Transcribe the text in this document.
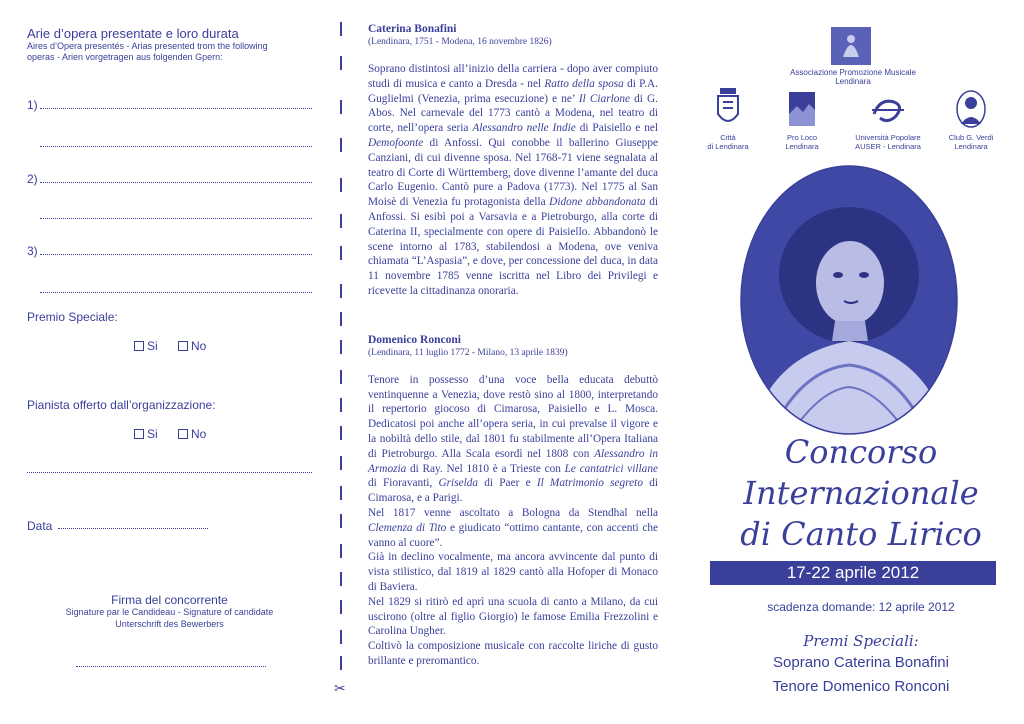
Arie d’opera presentate e loro durata
Aires d’Opera presentés - Arias presented trom the following
operas - Arien vorgetragen aus folgenden Gpern:
1)
2)
3)
Premio Speciale:
Si	No
Pianista offerto dall’organizzazione:
Si	No
Data
Firma del concorrente
Signature par le Candideau - Signature of candidate
Unterschrift des Bewerbers
✂
Caterina Bonafini
(Lendinara, 1751 - Modena, 16 novembre 1826)
Soprano distintosi all’inizio della carriera - dopo aver compiuto studi di musica e canto a Dresda - nel Ratto della sposa di P.A. Guglielmi (Venezia, prima esecuzione) e ne’ Il Ciarlone di G. Abos. Nel carnevale del 1773 cantò a Modena, nel teatro di corte, nell’opera seria Alessandro nelle Indie di Paisiello e nel Demofoonte di Anfossi. Qui conobbe il ballerino Giuseppe Canziani, di cui divenne sposa. Nel 1768-71 viene segnalata al teatro di Corte di Württemberg, dove divenne l’amante del duca Carlo Eugenio. Cantò pure a Padova (1773). Nel 1775 al San Moisè di Venezia fu protagonista della Didone abbandonata di Anfossi. Si esibì poi a Varsavia e a Pietroburgo, alla corte di Caterina II, specialmente con opere di Paisiello. Abbandonò le scene intorno al 1783, stabilendosi a Modena, ove veniva chiamata “L’Aspasia”, e dove, per concessione del duca, in data 11 novembre 1785 venne iscritta nel Libro dei Privilegi e ricevette la cittadinanza onoraria.
Domenico Ronconi
(Lendinara, 11 luglio 1772 - Milano, 13 aprile 1839)
Tenore in possesso d’una voce bella educata debuttò ventinquenne a Venezia, dove restò sino al 1800, interpretando il repertorio giocoso di Cimarosa, Paisiello e L. Mosca. Dedicatosi poi anche all’opera seria, in cui prevalse il vigore e la nobiltà dello stile, dal 1801 fu stabilmente all’Opera Italiana di Pietroburgo. Alla Scala esordì nel 1808 con Alessandro in Armozia di Ray. Nel 1810 è a Trieste con Le cantatrici villane di Fioravanti, Griselda di Paer e Il Matrimonio segreto di Cimarosa, e a Parigi.
Nel 1817 venne ascoltato a Bologna da Stendhal nella Clemenza di Tito e giudicato “ottimo cantante, con accenti che vanno al cuore”.
Già in declino vocalmente, ma ancora avvincente dal punto di vista stilistico, dal 1819 al 1829 cantò alla Hofoper di Monaco di Baviera.
Nel 1829 si ritirò ed aprì una scuola di canto a Milano, da cui uscirono (oltre al figlio Giorgio) le famose Emilia Frezzolini e Carolina Ungher.
Coltivò la composizione musicale con raccolte liriche di gusto brillante e preromantico.
Associazione Promozione Musicale Lendinara
Città
di Lendinara
Pro Loco
Lendinara
Università Popolare
AUSER - Lendinara
Club G. Verdi
Lendinara
Concorso
Internazionale
di Canto Lirico
17-22 aprile 2012
scadenza domande: 12 aprile 2012
Premi Speciali:
Soprano Caterina Bonafini
Tenore Domenico Ronconi
